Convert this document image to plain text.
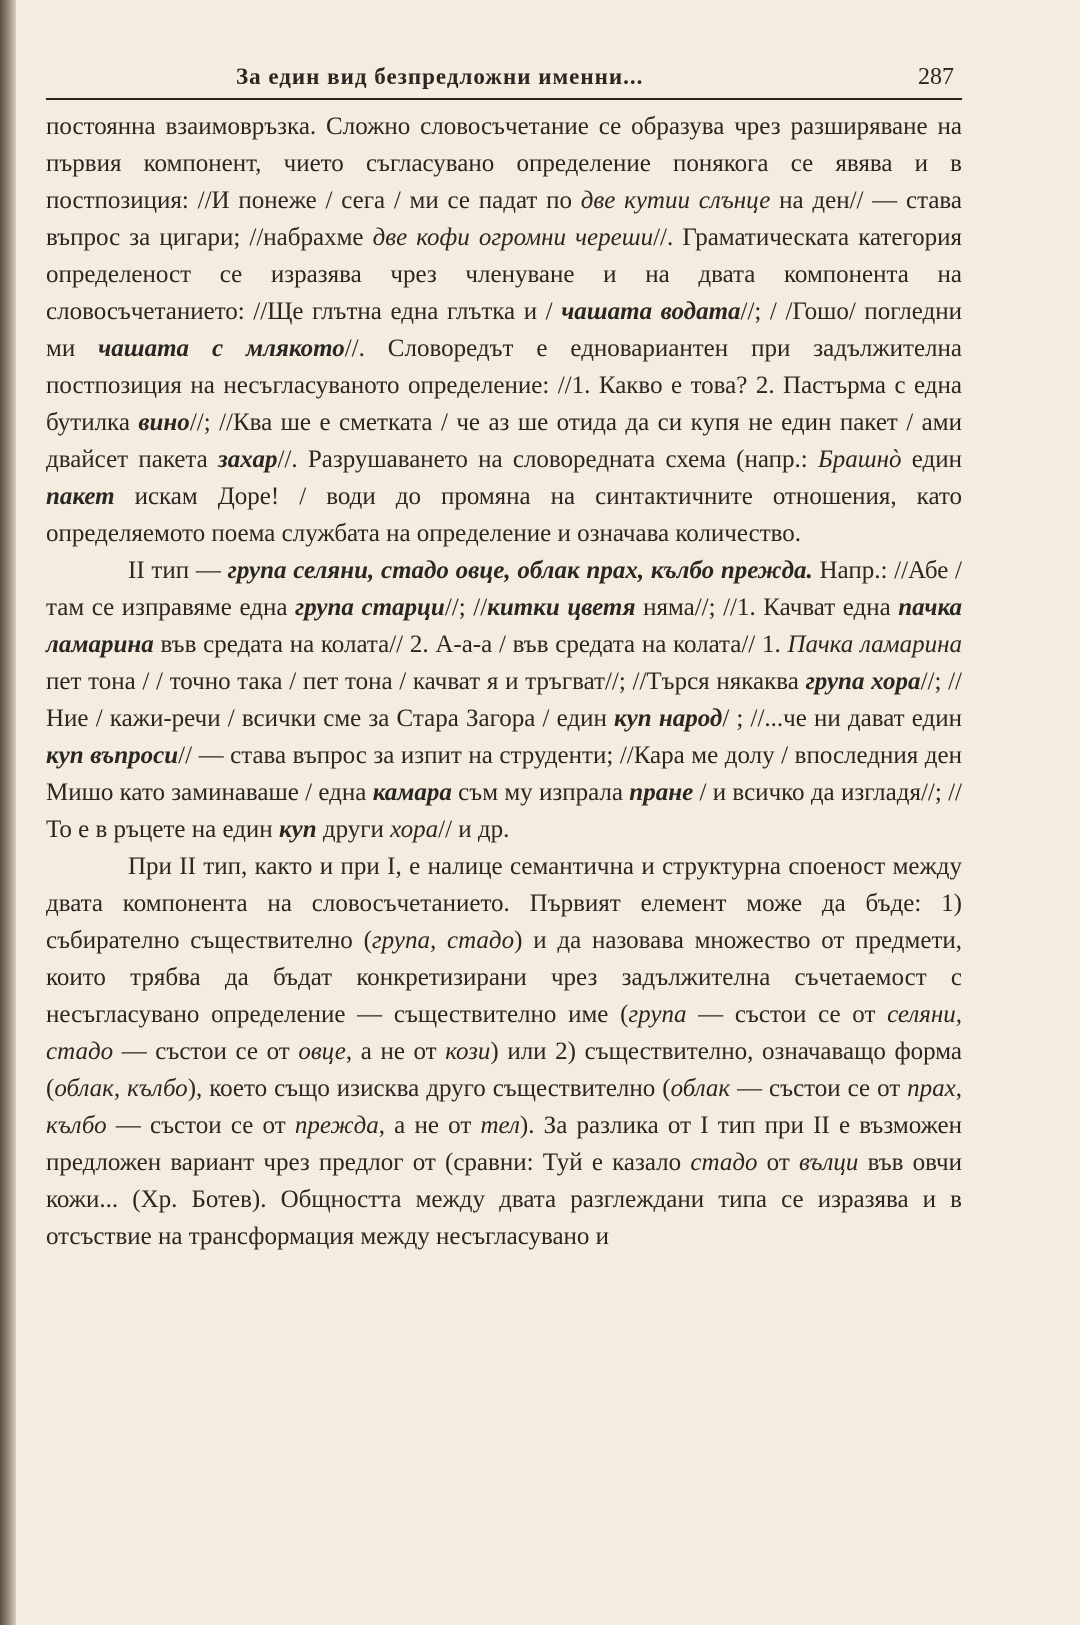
За един вид безпредложни именни...	287

постоянна взаимовръзка. Сложно словосъчетание се образува чрез разширяване на първия компонент, чието съгласувано определение понякога се явява и в постпозиция: //И понеже / сега / ми се падат по две кутии слънце на ден// — става въпрос за цигари; //набрахме две кофи огромни череши//. Граматическата категория определеност се изразява чрез членуване и на двата компонента на словосъчетанието: //Ще глътна една глътка и / чашата водата//; / /Гошо/ погледни ми чашата с млякото//. Словоредът е едновариантен при задължителна постпозиция на несъгласуваното определение: //1. Какво е това? 2. Пастърма с една бутилка вино//; //Ква ше е сметката / че аз ше отида да си купя не един пакет / ами двайсет пакета захар//. Разрушаването на словоредната схема (напр.: Брашнò един пакет искам Доре! / води до промяна на синтактичните отношения, като определяемото поема службата на определение и означава количество.

II тип — група селяни, стадо овце, облак прах, кълбо прежда. Напр.: //Абе / там се изправяме една група старци//; //китки цветя няма//; //1. Качват една пачка ламарина във средата на колата// 2. А-а-а / във средата на колата// 1. Пачка ламарина пет тона / / точно така / пет тона / качват я и тръгват//; //Търся някаква група хора//; //Ние / кажи-речи / всички сме за Стара Загора / един куп народ/ ; //...че ни дават един куп въпроси// — става въпрос за изпит на струденти; //Кара ме долу / впоследния ден Мишо като заминаваше / една камара съм му изпрала пране / и всичко да изгладя//; //То е в ръцете на един куп други хора// и др.

При II тип, както и при I, е налице семантична и структурна споеност между двата компонента на словосъчетанието. Първият елемент може да бъде: 1) събирателно съществително (група, стадо) и да назовава множество от предмети, които трябва да бъдат конкретизирани чрез задължителна съчетаемост с несъгласувано определение — съществително име (група — състои се от селяни, стадо — състои се от овце, а не от кози) или 2) съществително, означаващо форма (облак, кълбо), което също изисква друго съществително (облак — състои се от прах, кълбо — състои се от прежда, а не от тел). За разлика от I тип при II е възможен предложен вариант чрез предлог от (сравни: Туй е казало стадо от вълци във овчи кожи... (Хр. Ботев). Общността между двата разглеждани типа се изразява и в отсъствие на трансформация между несъгласувано и
